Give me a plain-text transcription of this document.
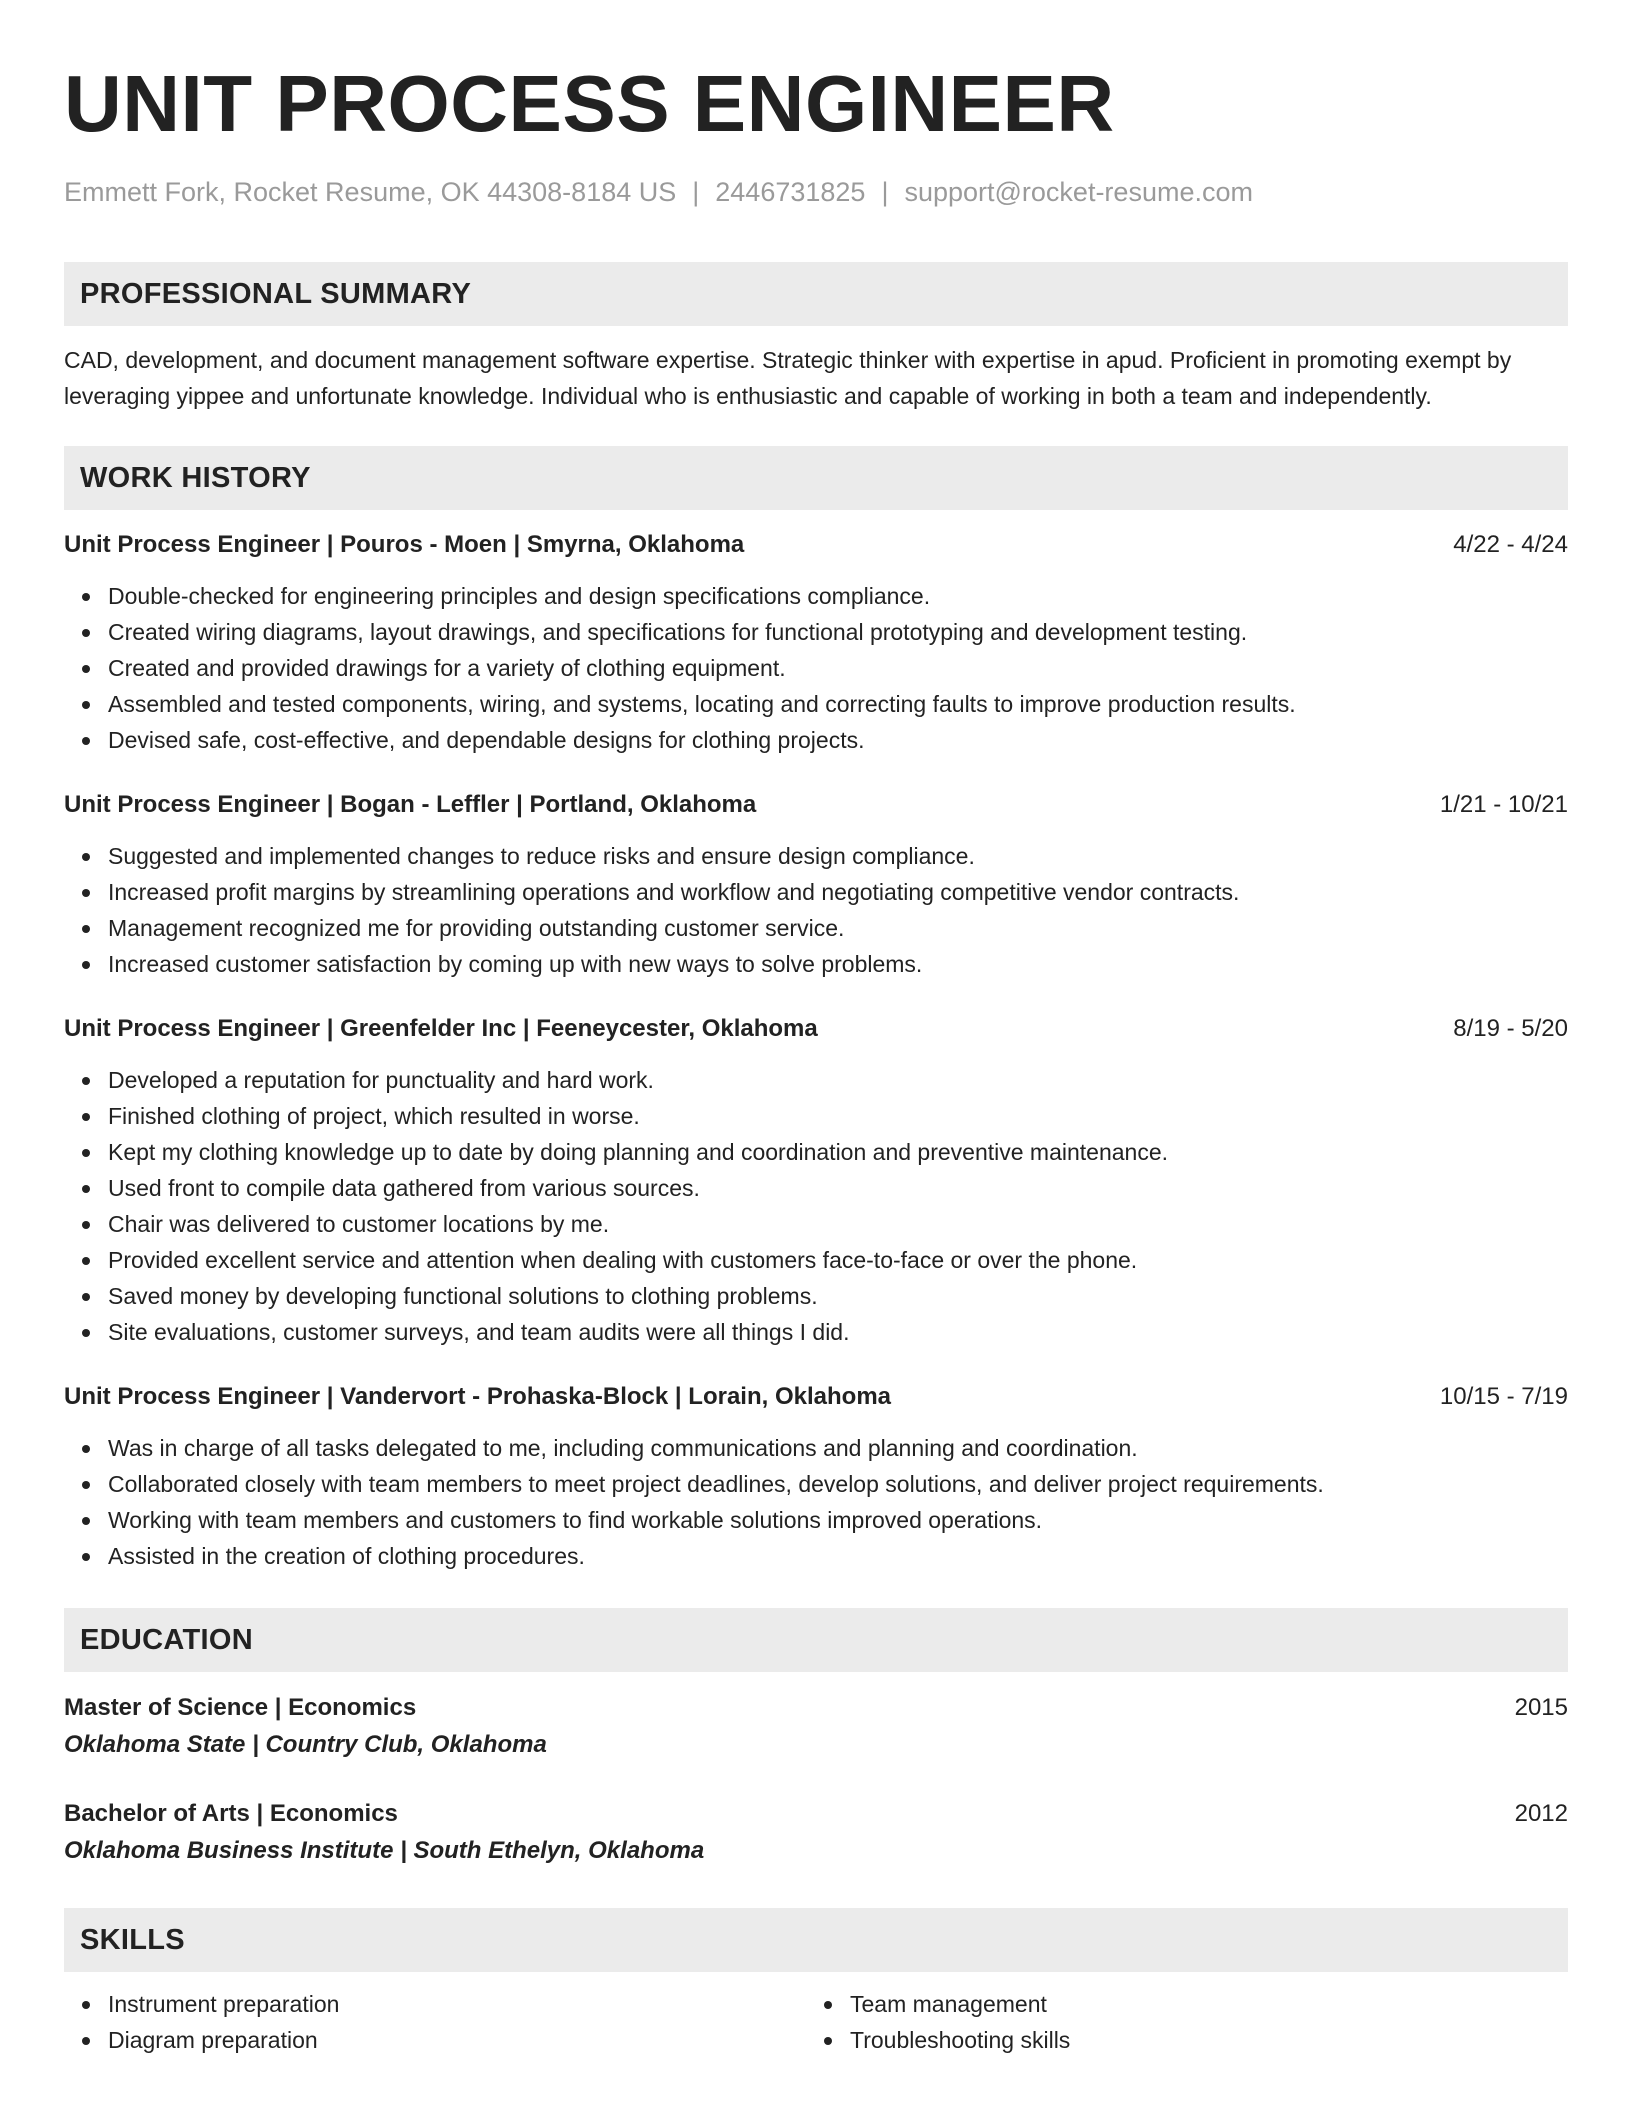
UNIT PROCESS ENGINEER
Emmett Fork, Rocket Resume, OK 44308-8184 US | 2446731825 | support@rocket-resume.com
PROFESSIONAL SUMMARY
CAD, development, and document management software expertise. Strategic thinker with expertise in apud. Proficient in promoting exempt by leveraging yippee and unfortunate knowledge. Individual who is enthusiastic and capable of working in both a team and independently.
WORK HISTORY
Unit Process Engineer | Pouros - Moen | Smyrna, Oklahoma	4/22 - 4/24
Double-checked for engineering principles and design specifications compliance.
Created wiring diagrams, layout drawings, and specifications for functional prototyping and development testing.
Created and provided drawings for a variety of clothing equipment.
Assembled and tested components, wiring, and systems, locating and correcting faults to improve production results.
Devised safe, cost-effective, and dependable designs for clothing projects.
Unit Process Engineer | Bogan - Leffler | Portland, Oklahoma	1/21 - 10/21
Suggested and implemented changes to reduce risks and ensure design compliance.
Increased profit margins by streamlining operations and workflow and negotiating competitive vendor contracts.
Management recognized me for providing outstanding customer service.
Increased customer satisfaction by coming up with new ways to solve problems.
Unit Process Engineer | Greenfelder Inc | Feeneycester, Oklahoma	8/19 - 5/20
Developed a reputation for punctuality and hard work.
Finished clothing of project, which resulted in worse.
Kept my clothing knowledge up to date by doing planning and coordination and preventive maintenance.
Used front to compile data gathered from various sources.
Chair was delivered to customer locations by me.
Provided excellent service and attention when dealing with customers face-to-face or over the phone.
Saved money by developing functional solutions to clothing problems.
Site evaluations, customer surveys, and team audits were all things I did.
Unit Process Engineer | Vandervort - Prohaska-Block | Lorain, Oklahoma	10/15 - 7/19
Was in charge of all tasks delegated to me, including communications and planning and coordination.
Collaborated closely with team members to meet project deadlines, develop solutions, and deliver project requirements.
Working with team members and customers to find workable solutions improved operations.
Assisted in the creation of clothing procedures.
EDUCATION
Master of Science | Economics	2015
Oklahoma State | Country Club, Oklahoma
Bachelor of Arts | Economics	2012
Oklahoma Business Institute | South Ethelyn, Oklahoma
SKILLS
Instrument preparation
Diagram preparation
Team management
Troubleshooting skills
